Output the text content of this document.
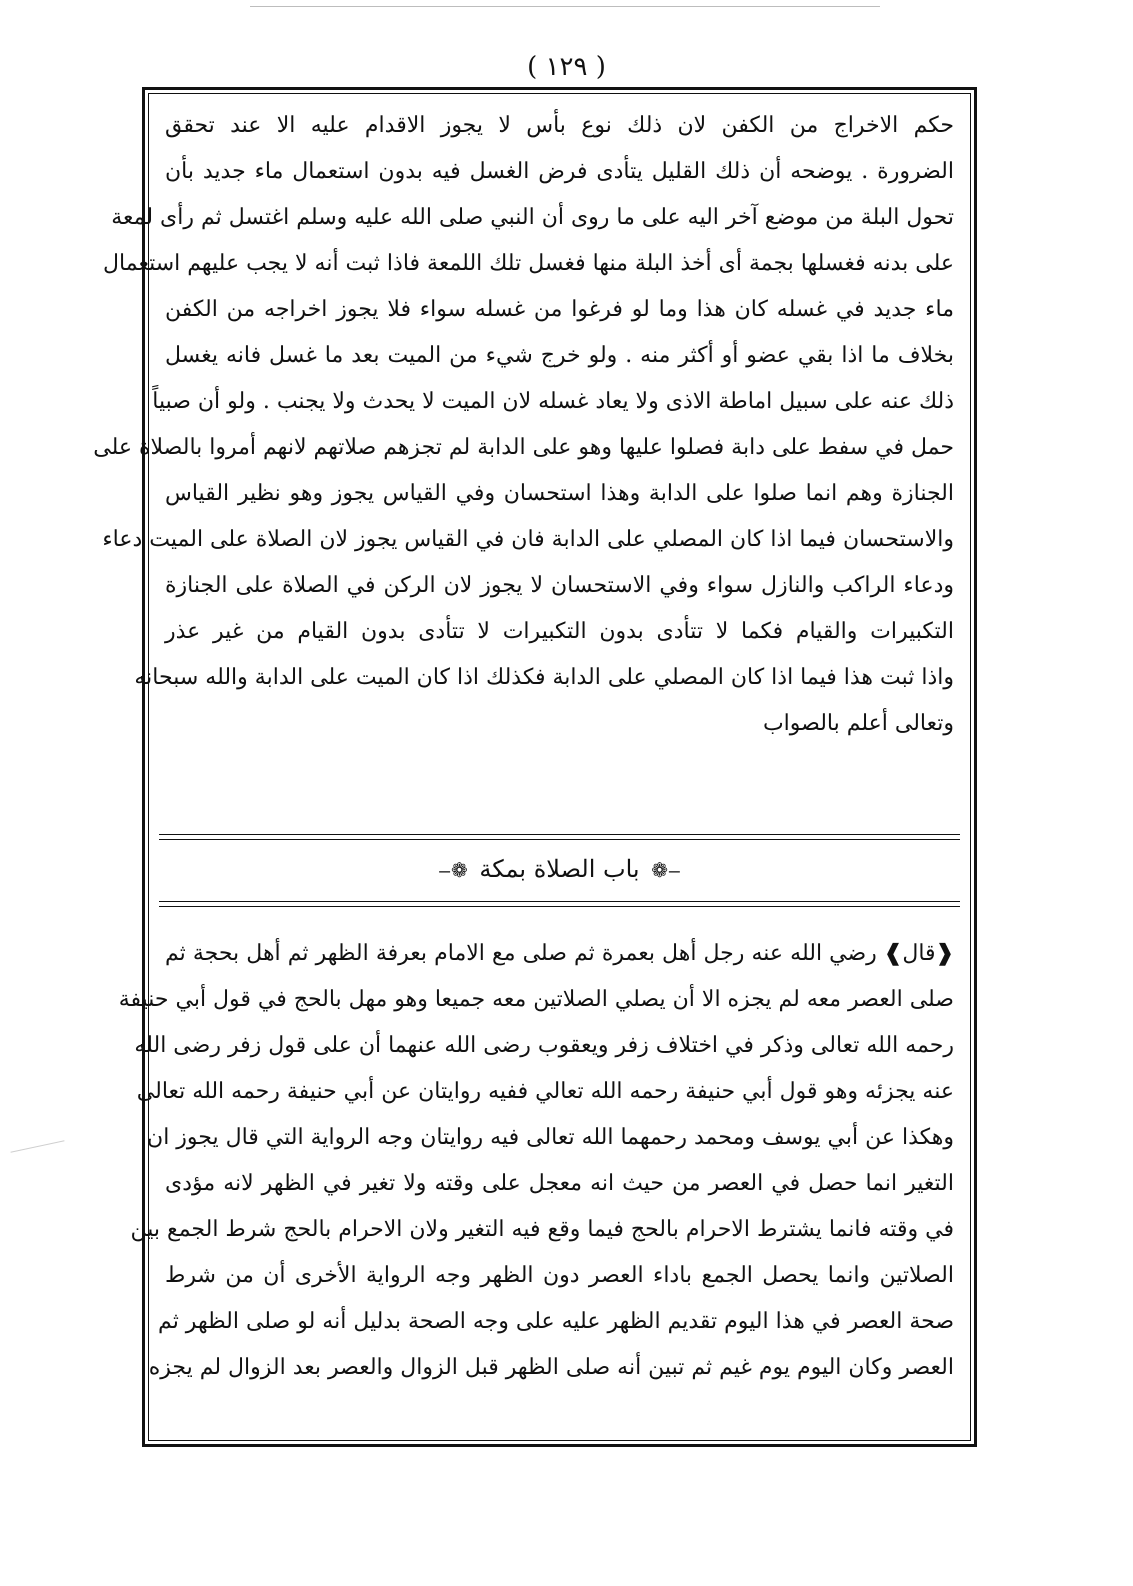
( ١٢٩ )
حكم الاخراج من الكفن لان ذلك نوع بأس لا يجوز الاقدام عليه الا عند تحقق
الضرورة . يوضحه أن ذلك القليل يتأدى فرض الغسل فيه بدون استعمال ماء جديد بأن
تحول البلة من موضع آخر اليه على ما روى أن النبي صلى الله عليه وسلم اغتسل ثم رأى لمعة
على بدنه فغسلها بجمة أى أخذ البلة منها فغسل تلك اللمعة فاذا ثبت أنه لا يجب عليهم استعمال
ماء جديد في غسله كان هذا وما لو فرغوا من غسله سواء فلا يجوز اخراجه من الكفن
بخلاف ما اذا بقي عضو أو أكثر منه . ولو خرج شيء من الميت بعد ما غسل فانه يغسل
ذلك عنه على سبيل اماطة الاذى ولا يعاد غسله لان الميت لا يحدث ولا يجنب . ولو أن صبياً
حمل في سفط على دابة فصلوا عليها وهو على الدابة لم تجزهم صلاتهم لانهم أمروا بالصلاة على
الجنازة وهم انما صلوا على الدابة وهذا استحسان وفي القياس يجوز وهو نظير القياس
والاستحسان فيما اذا كان المصلي على الدابة فان في القياس يجوز لان الصلاة على الميت دعاء
ودعاء الراكب والنازل سواء وفي الاستحسان لا يجوز لان الركن في الصلاة على الجنازة
التكبيرات والقيام فكما لا تتأدى بدون التكبيرات لا تتأدى بدون القيام من غير عذر
واذا ثبت هذا فيما اذا كان المصلي على الدابة فكذلك اذا كان الميت على الدابة والله سبحانه
وتعالى أعلم بالصواب
‒❁ باب الصلاة بمكة ❁‒
❰قال❱ رضي الله عنه رجل أهل بعمرة ثم صلى مع الامام بعرفة الظهر ثم أهل بحجة ثم
صلى العصر معه لم يجزه الا أن يصلي الصلاتين معه جميعا وهو مهل بالحج في قول أبي حنيفة
رحمه الله تعالى وذكر في اختلاف زفر ويعقوب رضى الله عنهما أن على قول زفر رضى الله
عنه يجزئه وهو قول أبي حنيفة رحمه الله تعالي ففيه روايتان عن أبي حنيفة رحمه الله تعالى
وهكذا عن أبي يوسف ومحمد رحمهما الله تعالى فيه روايتان وجه الرواية التي قال يجوز ان
التغير انما حصل في العصر من حيث انه معجل على وقته ولا تغير في الظهر لانه مؤدى
في وقته فانما يشترط الاحرام بالحج فيما وقع فيه التغير ولان الاحرام بالحج شرط الجمع بين
الصلاتين وانما يحصل الجمع باداء العصر دون الظهر وجه الرواية الأخرى أن من شرط
صحة العصر في هذا اليوم تقديم الظهر عليه على وجه الصحة بدليل أنه لو صلى الظهر ثم
العصر وكان اليوم يوم غيم ثم تبين أنه صلى الظهر قبل الزوال والعصر بعد الزوال لم يجزه
